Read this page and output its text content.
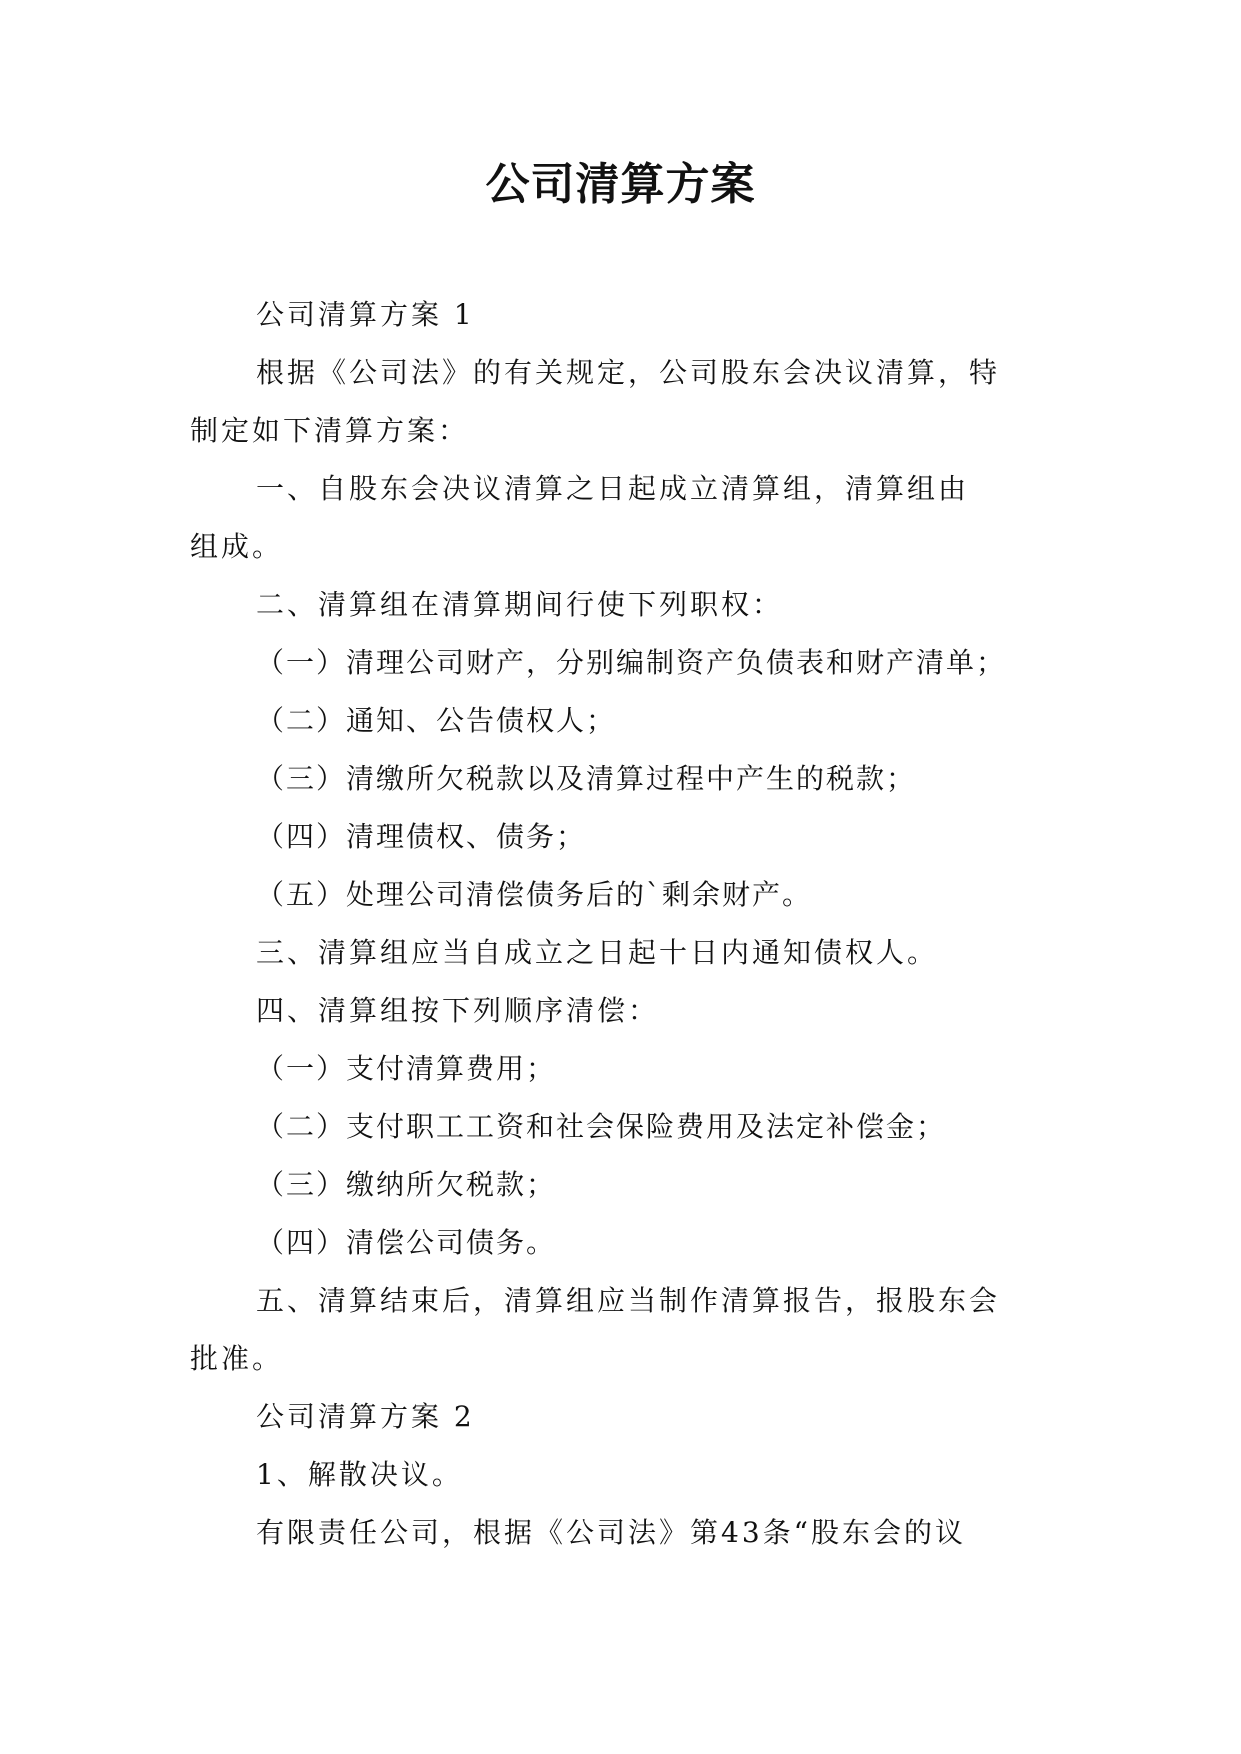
公司清算方案

公司清算方案 1

根据《公司法》的有关规定，公司股东会决议清算，特

制定如下清算方案：

一、自股东会决议清算之日起成立清算组，清算组由

组成。

二、清算组在清算期间行使下列职权：

（一）清理公司财产，分别编制资产负债表和财产清单；

（二）通知、公告债权人；

（三）清缴所欠税款以及清算过程中产生的税款；

（四）清理债权、债务；

（五）处理公司清偿债务后的`剩余财产。

三、清算组应当自成立之日起十日内通知债权人。

四、清算组按下列顺序清偿：

（一）支付清算费用；

（二）支付职工工资和社会保险费用及法定补偿金；

（三）缴纳所欠税款；

（四）清偿公司债务。

五、清算结束后，清算组应当制作清算报告，报股东会

批准。

公司清算方案 2

1、解散决议。

有限责任公司，根据《公司法》第43条“股东会的议
